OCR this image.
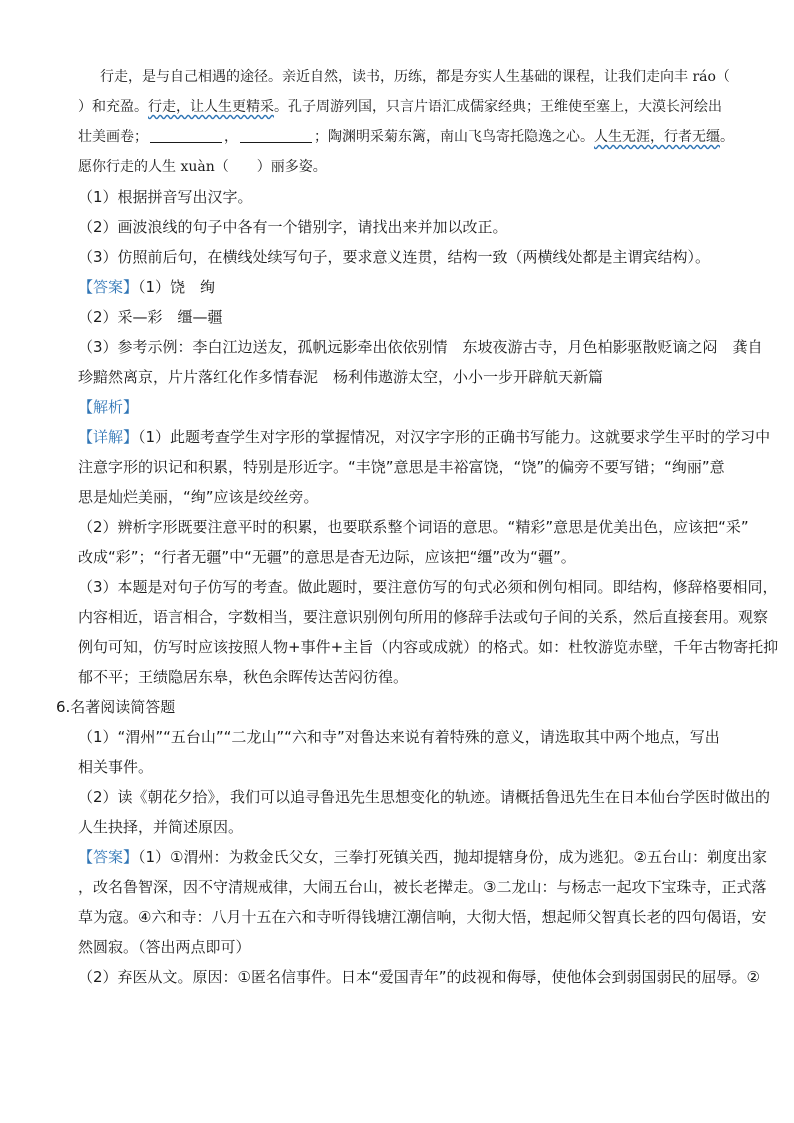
行走，是与自己相遇的途径。亲近自然，读书，历练，都是夯实人生基础的课程，让我们走向丰 ráo（
）和充盈。行走，让人生更精采。孔子周游列国，只言片语汇成儒家经典；王维使至塞上，大漠长河绘出
壮美画卷；	，	；陶渊明采菊东篱，南山飞鸟寄托隐逸之心。人生无涯，行者无缰。
愿你行走的人生 xuàn（　　）丽多姿。
（1）根据拼音写出汉字。
（2）画波浪线的句子中各有一个错别字，请找出来并加以改正。
（3）仿照前后句，在横线处续写句子，要求意义连贯，结构一致（两横线处都是主谓宾结构）。
【答案】（1）饶　绚
（2）采—彩　缰—疆
（3）参考示例：李白江边送友，孤帆远影牵出依依别情　东坡夜游古寺，月色柏影驱散贬谪之闷　龚自
珍黯然离京，片片落红化作多情春泥　杨利伟遨游太空，小小一步开辟航天新篇
【解析】
【详解】（1）此题考查学生对字形的掌握情况，对汉字字形的正确书写能力。这就要求学生平时的学习中
注意字形的识记和积累，特别是形近字。“丰饶”意思是丰裕富饶，“饶”的偏旁不要写错；“绚丽”意
思是灿烂美丽，“绚”应该是绞丝旁。
（2）辨析字形既要注意平时的积累，也要联系整个词语的意思。“精彩”意思是优美出色，应该把“采”
改成“彩”；“行者无疆”中“无疆”的意思是杳无边际，应该把“缰”改为“疆”。
（3）本题是对句子仿写的考查。做此题时，要注意仿写的句式必须和例句相同。即结构，修辞格要相同，
内容相近，语言相合，字数相当，要注意识别例句所用的修辞手法或句子间的关系，然后直接套用。观察
例句可知，仿写时应该按照人物+事件+主旨（内容或成就）的格式。如：杜牧游览赤壁，千年古物寄托抑
郁不平；王绩隐居东皋，秋色余晖传达苦闷彷徨。
6.名著阅读简答题
（1）“渭州”“五台山”“二龙山”“六和寺”对鲁达来说有着特殊的意义，请选取其中两个地点，写出
相关事件。
（2）读《朝花夕拾》，我们可以追寻鲁迅先生思想变化的轨迹。请概括鲁迅先生在日本仙台学医时做出的
人生抉择，并简述原因。
【答案】（1）①渭州：为救金氏父女，三拳打死镇关西，抛却提辖身份，成为逃犯。②五台山：剃度出家
，改名鲁智深，因不守清规戒律，大闹五台山，被长老撵走。③二龙山：与杨志一起攻下宝珠寺，正式落
草为寇。④六和寺：八月十五在六和寺听得钱塘江潮信响，大彻大悟，想起师父智真长老的四句偈语，安
然圆寂。（答出两点即可）
（2）弃医从文。原因：①匿名信事件。日本“爱国青年”的歧视和侮辱，使他体会到弱国弱民的屈辱。②
